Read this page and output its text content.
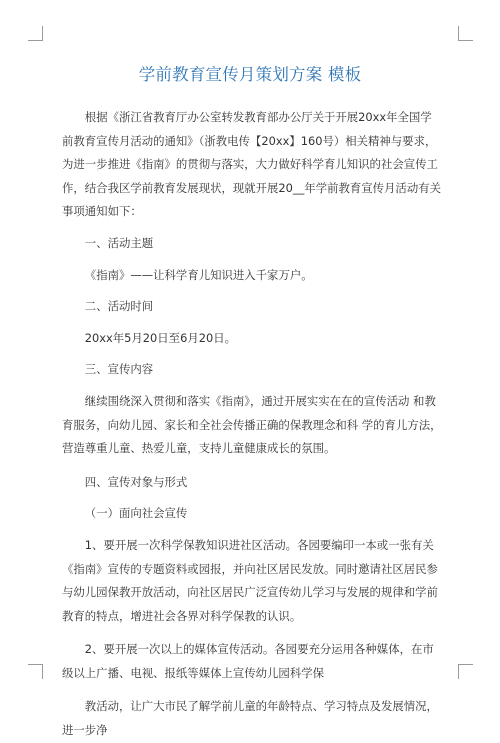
学前教育宣传月策划方案 模板

根据《浙江省教育厅办公室转发教育部办公厅关于开展20xx年全国学前教育宣传月活动的通知》（浙教电传【20xx】160号）相关精神与要求，为进一步推进《指南》的贯彻与落实，大力做好科学育儿知识的社会宣传工作，结合我区学前教育发展现状，现就开展20__年学前教育宣传月活动有关事项通知如下：

一、活动主题

《指南》——让科学育儿知识进入千家万户。

二、活动时间

20xx年5月20日至6月20日。

三、宣传内容

继续围绕深入贯彻和落实《指南》，通过开展实实在在的宣传活动 和教育服务，向幼儿园、家长和全社会传播正确的保教理念和科 学的育儿方法，营造尊重儿童、热爱儿童，支持儿童健康成长的氛围。

四、宣传对象与形式

（一）面向社会宣传

1、要开展一次科学保教知识进社区活动。各园要编印一本或一张有关《指南》宣传的专题资料或园报，并向社区居民发放。同时邀请社区居民参与幼儿园保教开放活动，向社区居民广泛宣传幼儿学习与发展的规律和学前教育的特点，增进社会各界对科学保教的认识。

2、要开展一次以上的媒体宣传活动。各园要充分运用各种媒体，在市级以上广播、电视、报纸等媒体上宣传幼儿园科学保

教活动，让广大市民了解学前儿童的年龄特点、学习特点及发展情况，进一步净
